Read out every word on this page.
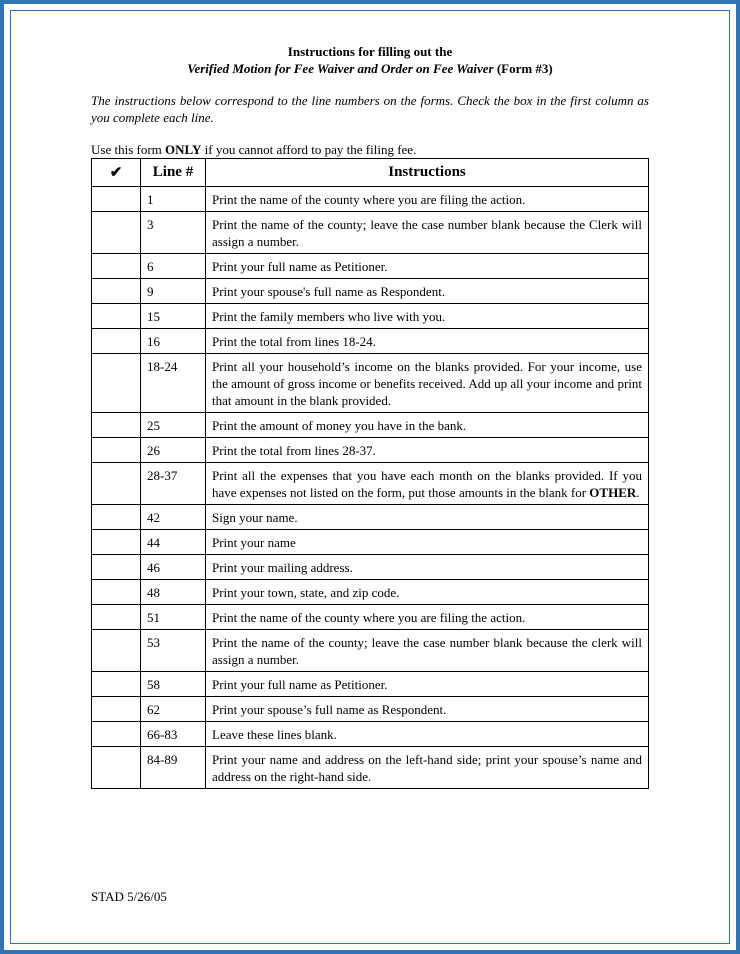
Instructions for filling out the
Verified Motion for Fee Waiver and Order on Fee Waiver (Form #3)
The instructions below correspond to the line numbers on the forms. Check the box in the first column as you complete each line.
Use this form ONLY if you cannot afford to pay the filing fee.
✔	Line #	Instructions
	1	Print the name of the county where you are filing the action.
	3	Print the name of the county; leave the case number blank because the Clerk will assign a number.
	6	Print your full name as Petitioner.
	9	Print your spouse's full name as Respondent.
	15	Print the family members who live with you.
	16	Print the total from lines 18-24.
	18-24	Print all your household’s income on the blanks provided. For your income, use the amount of gross income or benefits received. Add up all your income and print that amount in the blank provided.
	25	Print the amount of money you have in the bank.
	26	Print the total from lines 28-37.
	28-37	Print all the expenses that you have each month on the blanks provided. If you have expenses not listed on the form, put those amounts in the blank for OTHER.
	42	Sign your name.
	44	Print your name
	46	Print your mailing address.
	48	Print your town, state, and zip code.
	51	Print the name of the county where you are filing the action.
	53	Print the name of the county; leave the case number blank because the clerk will assign a number.
	58	Print your full name as Petitioner.
	62	Print your spouse’s full name as Respondent.
	66-83	Leave these lines blank.
	84-89	Print your name and address on the left-hand side; print your spouse’s name and address on the right-hand side.
STAD 5/26/05
